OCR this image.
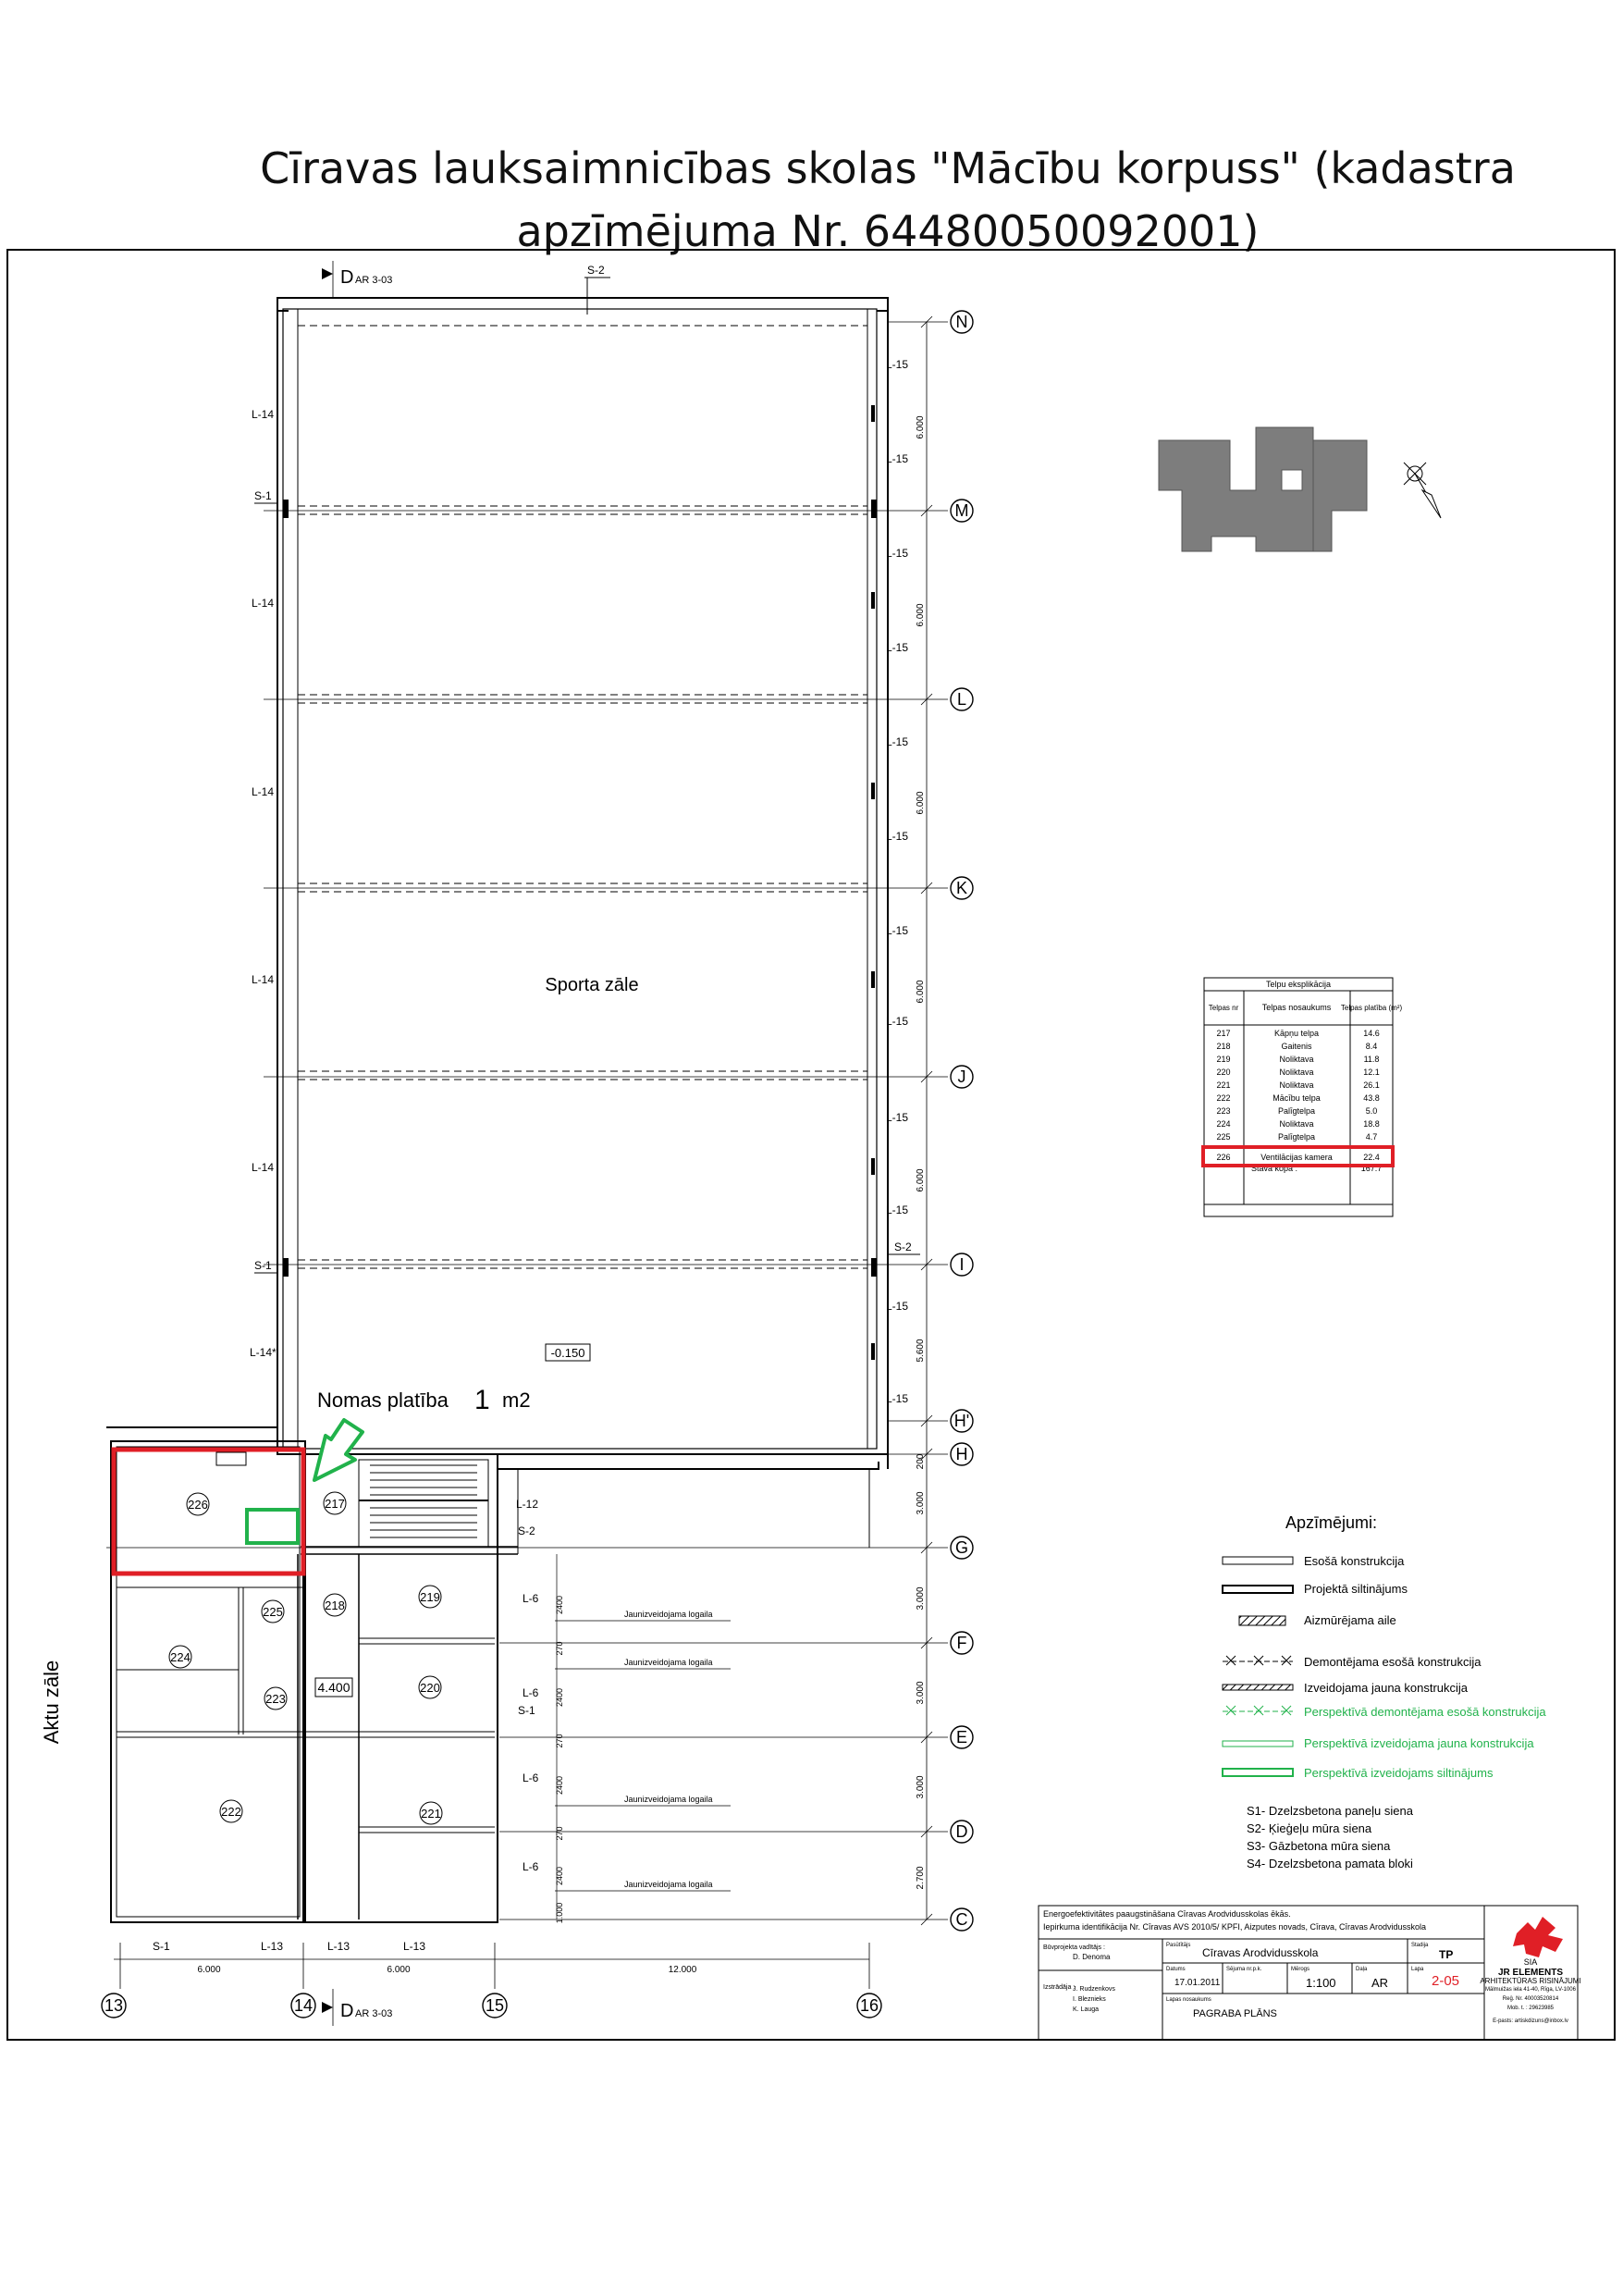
Cīravas lauksaimnicības skolas "Mācību korpuss" (kadastra
apzīmējuma Nr. 64480050092001)
6.000
6.000
6.000
6.000
6.000
5.600
200
3.000
3.000
3.000
3.000
2.700
N
M
L
K
J
I
H'
H
G
F
E
D
C
13	14	15	16
D AR 3-03
D AR 3-03
S-2
S-1
S-1
S-2
L-14
L-14
L-14
L-14
L-14
L-14*
L-15
L-15
L-15
L-15
L-15
L-15
L-15
L-15
L-15
L-15
L-15
L-15
L-12
S-2
S-1
L-6
L-6
L-6
L-6
S-1	L-13	L-13	L-13
Sporta zāle
-0.150
2400
2400
2400
2400
1.000
270
270
270
Jaunizveidojama logaila
Jaunizveidojama logaila
Jaunizveidojama logaila
Jaunizveidojama logaila
226	217
218
219
225
224
223
220
222	221
4.400
Aktu zāle
6.000	6.000	12.000
Nomas platība 1 m2
Telpu eksplikācija
Telpas nr	Telpas nosaukums Telpas platība (m²)
217	Kāpņu telpa	14.6
218	Gaitenis	8.4
219	Noliktava	11.8
220	Noliktava	12.1
221	Noliktava	26.1
222	Mācību telpa	43.8
223	Palīgtelpa	5.0
224	Noliktava	18.8
225	Palīgtelpa	4.7
226	Ventilācijas kamera	22.4
Stāvā kopā :	167.7
Apzīmējumi:
Esošā konstrukcija
Projektā siltinājums
Aizmūrējama aile
Demontējama esošā konstrukcija
Izveidojama jauna konstrukcija
Perspektīvā demontējama esošā konstrukcija
Perspektīvā izveidojama jauna konstrukcija
Perspektīvā izveidojams siltinājums
S1- Dzelzsbetona paneļu siena
S2- Ķieģeļu mūra siena
S3- Gāzbetona mūra siena
S4- Dzelzsbetona pamata bloki
Energoefektivitātes paaugstināšana Cīravas Arodvidusskolas ēkās.
Iepirkuma identifikācija Nr. Cīravas AVS 2010/5/ KPFI, Aizputes novads, Cīrava, Cīravas Arodvidusskola
Būvprojekta vadītājs :
D. Denoma
Izstrādāja :
J. Rudzenkovs
I. Bleznieks
K. Lauga
Pasūtītājs
Cīravas Arodvidusskola
Stadija
TP
Datums
17.01.2011
Sējuma nr.p.k.	Mērogs
1:100
Daļa
AR
Lapa
2-05
Lapas nosaukums
PAGRABA PLĀNS
SIA
JR ELEMENTS
ARHITEKTŪRAS RISINĀJUMI
Mālmuižas iela 41-40, Rīga, LV-1006
Reģ. Nr. 40003520814
Mob. t. : 29623985
E-pasts: artiskdizuns@inbox.lv
